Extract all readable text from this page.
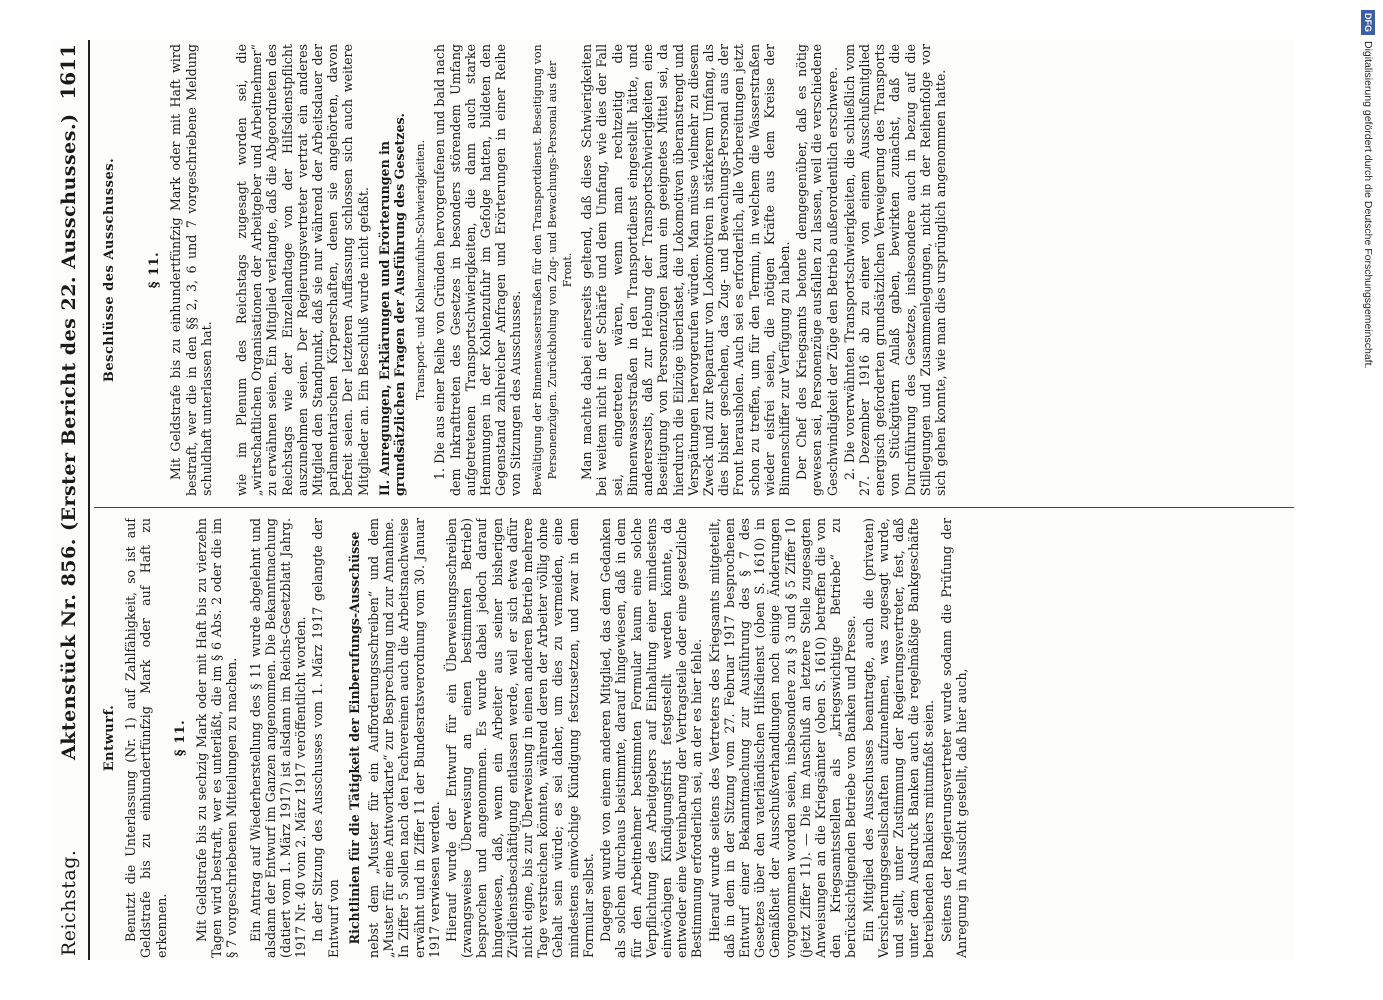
Reichstag.
Aktenstück Nr. 856. (Erster Bericht des 22. Ausschusses.)
1611
Entwurf. Benutzt die Unterlassung (Nr. 1) auf Zahlfähigkeit, so ist auf Geldstrafe bis zu einhundertfünfzig Mark oder auf Haft zu erkennen.

§ 11. Mit Geldstrafe bis zu sechzig Mark oder mit Haft bis zu vierzehn Tagen wird bestraft, wer es unterläßt, die im § 6 Abs. 2 oder die im § 7 vorgeschriebenen Mitteilungen zu machen. Ein Antrag auf Wiederherstellung des § 11 wurde abgelehnt und alsdann der Entwurf im Ganzen angenommen. Die Bekanntmachung (datiert vom 1. März 1917) ist alsdann im Reichs-Gesetzblatt Jahrg. 1917 Nr. 40 vom 2. März 1917 veröffentlicht worden. In der Sitzung des Ausschusses vom 1. März 1917 gelangte der Entwurf von Richtlinien für die Tätigkeit der Einberufungs-Ausschüsse nebst dem „Muster für ein Aufforderungsschreiben“ und dem „Muster für eine Antwortkarte“ zur Besprechung und zur Annahme. In Ziffer 5 sollen nach den Fachvereinen auch die Arbeitsnachweise erwähnt und in Ziffer 11 der Bundesratsverordnung vom 30. Januar 1917 verwiesen werden. Hierauf wurde der Entwurf für ein Überweisungsschreiben (zwangsweise Überweisung an einen bestimmten Betrieb) besprochen und angenommen. Es wurde dabei jedoch darauf hingewiesen, daß, wenn ein Arbeiter aus seiner bisherigen Zivildienstbeschäftigung entlassen werde, weil er sich etwa dafür nicht eigne, bis zur Überweisung in einen anderen Betrieb mehrere Tage verstreichen könnten, während deren der Arbeiter völlig ohne Gehalt sein würde; es sei daher, um dies zu vermeiden, eine mindestens einwöchige Kündigung festzusetzen, und zwar in dem Formular selbst. Dagegen wurde von einem anderen Mitglied, das dem Gedanken als solchen durchaus beistimmte, darauf hingewiesen, daß in dem für den Arbeitnehmer bestimmten Formular kaum eine solche Verpflichtung des Arbeitgebers auf Einhaltung einer mindestens einwöchigen Kündigungsfrist festgestellt werden könnte, da entweder eine Vereinbarung der Vertragsteile oder eine gesetzliche Bestimmung erforderlich sei, an der es hier fehle. Hierauf wurde seitens des Vertreters des Kriegsamts mitgeteilt, daß in dem in der Sitzung vom 27. Februar 1917 besprochenen Entwurf einer Bekanntmachung zur Ausführung des § 7 des Gesetzes über den vaterländischen Hilfsdienst (oben S. 1610) in Gemäßheit der Ausschußverhandlungen noch einige Änderungen vorgenommen worden seien, insbesondere zu § 3 und § 5 Ziffer 10 (jetzt Ziffer 11). — Die im Anschluß an letztere Stelle zugesagten Anweisungen an die Kriegsämter (oben S. 1610) betreffen die von den Kriegsamtsstellen als „kriegswichtige Betriebe“ zu berücksichtigenden Betriebe von Banken und Presse. Ein Mitglied des Ausschusses beantragte, auch die (privaten) Versicherungsgesellschaften aufzunehmen, was zugesagt wurde, und stellt, unter Zustimmung der Regierungsvertreter, fest, daß unter dem Ausdruck Banken auch die regelmäßige Bankgeschäfte betreibenden Bankiers mitumfaßt seien. Seitens der Regierungsvertreter wurde sodann die Prüfung der Anregung in Aussicht gestellt, daß hier auch,

Beschlüsse des Ausschusses. § 11. Mit Geldstrafe bis zu einhundertfünfzig Mark oder mit Haft wird bestraft, wer die in den §§ 2, 3, 6 und 7 vorgeschriebene Meldung schuldhaft unterlassen hat. wie im Plenum des Reichstags zugesagt worden sei, die „wirtschaftlichen Organisationen der Arbeitgeber und Arbeitnehmer“ zu erwähnen seien. Ein Mitglied verlangte, daß die Abgeordneten des Reichstags wie der Einzellandtage von der Hilfsdienstpflicht auszunehmen seien. Der Regierungsvertreter vertrat ein anderes Mitglied den Standpunkt, daß sie nur während der Arbeitsdauer der parlamentarischen Körperschaften, denen sie angehörten, davon befreit seien. Der letzteren Auffassung schlossen sich auch weitere Mitglieder an. Ein Beschluß wurde nicht gefaßt. II. Anregungen, Erklärungen und Erörterungen in grundsätzlichen Fragen der Ausführung des Gesetzes. Transport- und Kohlenzufuhr-Schwierigkeiten. 1. Die aus einer Reihe von Gründen hervorgerufenen und bald nach dem Inkrafttreten des Gesetzes in besonders störendem Umfang aufgetretenen Transportschwierigkeiten, die dann auch starke Hemmungen in der Kohlenzufuhr im Gefolge hatten, bildeten den Gegenstand zahlreicher Anfragen und Erörterungen in einer Reihe von Sitzungen des Ausschusses. Bewältigung der Binnenwasserstraßen für den Transportdienst. Beseitigung von Personenzügen. Zurückholung von Zug- und Bewachungs-Personal aus der Front. Man machte dabei einerseits geltend, daß diese Schwierigkeiten bei weitem nicht in der Schärfe und dem Umfang, wie dies der Fall sei, eingetreten wären, wenn man rechtzeitig die Binnenwasserstraßen in den Transportdienst eingestellt hätte, und andererseits, daß zur Hebung der Transportschwierigkeiten eine Beseitigung von Personenzügen kaum ein geeignetes Mittel sei, da hierdurch die Eilzüge überlastet, die Lokomotiven überanstrengt und Verspätungen hervorgerufen würden. Man müsse vielmehr zu diesem Zweck und zur Reparatur von Lokomotiven in stärkerem Umfang, als dies bisher geschehen, das Zug- und Bewachungs-Personal aus der Front herausholen. Auch sei es erforderlich, alle Vorbereitungen jetzt schon zu treffen, um für den Termin, in welchem die Wasserstraßen wieder eisfrei seien, die nötigen Kräfte aus dem Kreise der Binnenschiffer zur Verfügung zu haben. Der Chef des Kriegsamts betonte demgegenüber, daß es nötig gewesen sei, Personenzüge ausfallen zu lassen, weil die verschiedene Geschwindigkeit der Züge den Betrieb außerordentlich erschwere. 2. Die vorerwähnten Transportschwierigkeiten, die schließlich vom 27. Dezember 1916 ab zu einer von einem Ausschußmitglied energisch geforderten grundsätzlichen Verweigerung des Transports von Stückgütern Anlaß gaben, bewirkten zunächst, daß die Durchführung des Gesetzes, insbesondere auch in bezug auf die Stillegungen und Zusammenlegungen, nicht in der Reihenfolge vor sich gehen konnte, wie man dies ursprünglich angenommen hatte.

DFGDigitalisierung gefördert durch die Deutsche Forschungsgemeinschaft.
